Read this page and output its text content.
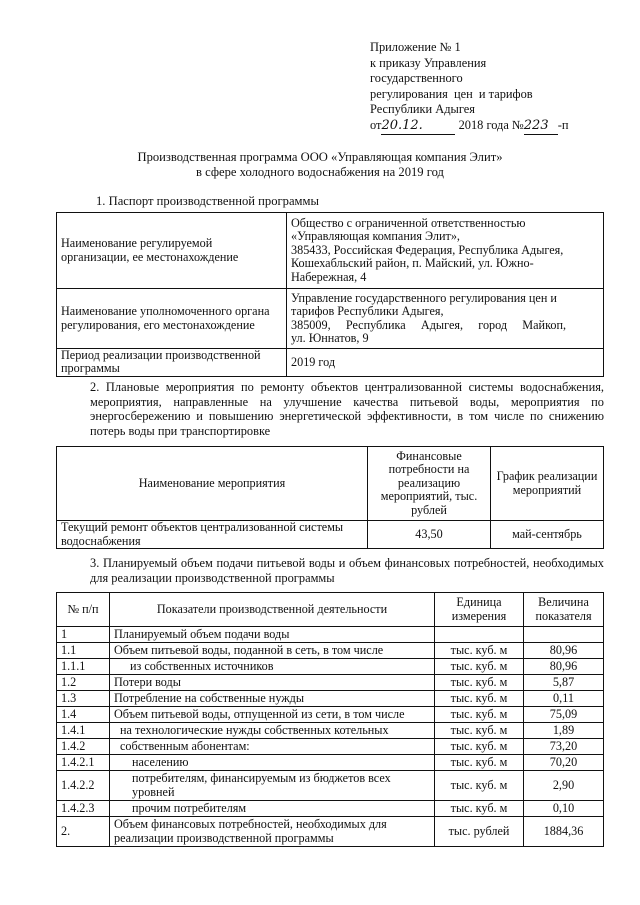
Приложение № 1
к приказу Управления
государственного
регулирования  цен  и тарифов
Республики Адыгея
от20.12.	2018 года №223 -п
Производственная программа ООО «Управляющая компания Элит»
в сфере холодного водоснабжения на 2019 год
1. Паспорт производственной программы
Наименование регулируемой организации, ее местонахождение	Общество с ограниченной ответственностью
«Управляющая компания Элит»,
385433, Российская Федерация, Республика Адыгея,
Кошехабльский район, п. Майский, ул. Южно-
Набережная, 4

Наименование уполномоченного органа регулирования, его местонахождение	Управление государственного регулирования цен и
тарифов Республики Адыгея,
385009,     Республика     Адыгея,     город     Майкоп,
ул. Юннатов, 9

Период реализации производственной программы	2019 год
2. Плановые мероприятия по ремонту объектов централизованной системы водоснабжения, мероприятия, направленные на улучшение качества питьевой воды, мероприятия по энергосбережению и повышению энергетической эффективности, в том числе по снижению потерь воды при транспортировке
Наименование мероприятия	Финансовые потребности на реализацию мероприятий, тыс. рублей	График реализации мероприятий
Текущий ремонт объектов централизованной системы водоснабжения	43,50	май-сентябрь
3. Планируемый объем подачи питьевой воды и объем финансовых потребностей, необходимых для реализации производственной программы
№ п/п	Показатели производственной деятельности	Единица измерения	Величина показателя
1	Планируемый объем подачи воды		
1.1	Объем питьевой воды, поданной в сеть, в том числе	тыс. куб. м	80,96
1.1.1	из собственных источников	тыс. куб. м	80,96
1.2	Потери воды	тыс. куб. м	5,87
1.3	Потребление на собственные нужды	тыс. куб. м	0,11
1.4	Объем питьевой воды, отпущенной из сети, в том числе	тыс. куб. м	75,09
1.4.1	на технологические нужды собственных котельных	тыс. куб. м	1,89
1.4.2	собственным абонентам:	тыс. куб. м	73,20
1.4.2.1	населению	тыс. куб. м	70,20
1.4.2.2	потребителям, финансируемым из бюджетов всех уровней	тыс. куб. м	2,90
1.4.2.3	прочим потребителям	тыс. куб. м	0,10
2.	Объем финансовых потребностей, необходимых для реализации производственной программы	тыс. рублей	1884,36
